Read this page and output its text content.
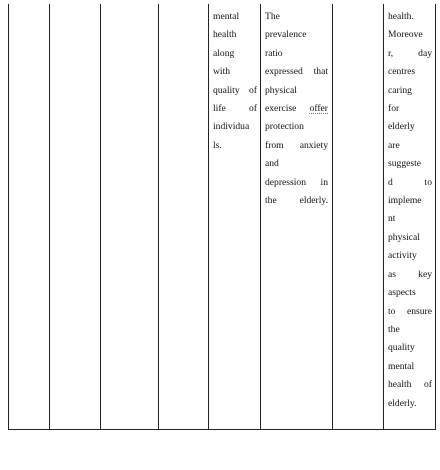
mental
health
along
with
quality of
life of
individua
ls.
The
prevalence
ratio
expressed that
physical
exercise offer
protection
from anxiety
and
depression in
the elderly.
health.
Moreove
r,	day
centres
caring
for
elderly
are
suggeste
d	to
impleme
nt
physical
activity
as key
aspects
to ensure
the
quality
mental
health of
elderly.
